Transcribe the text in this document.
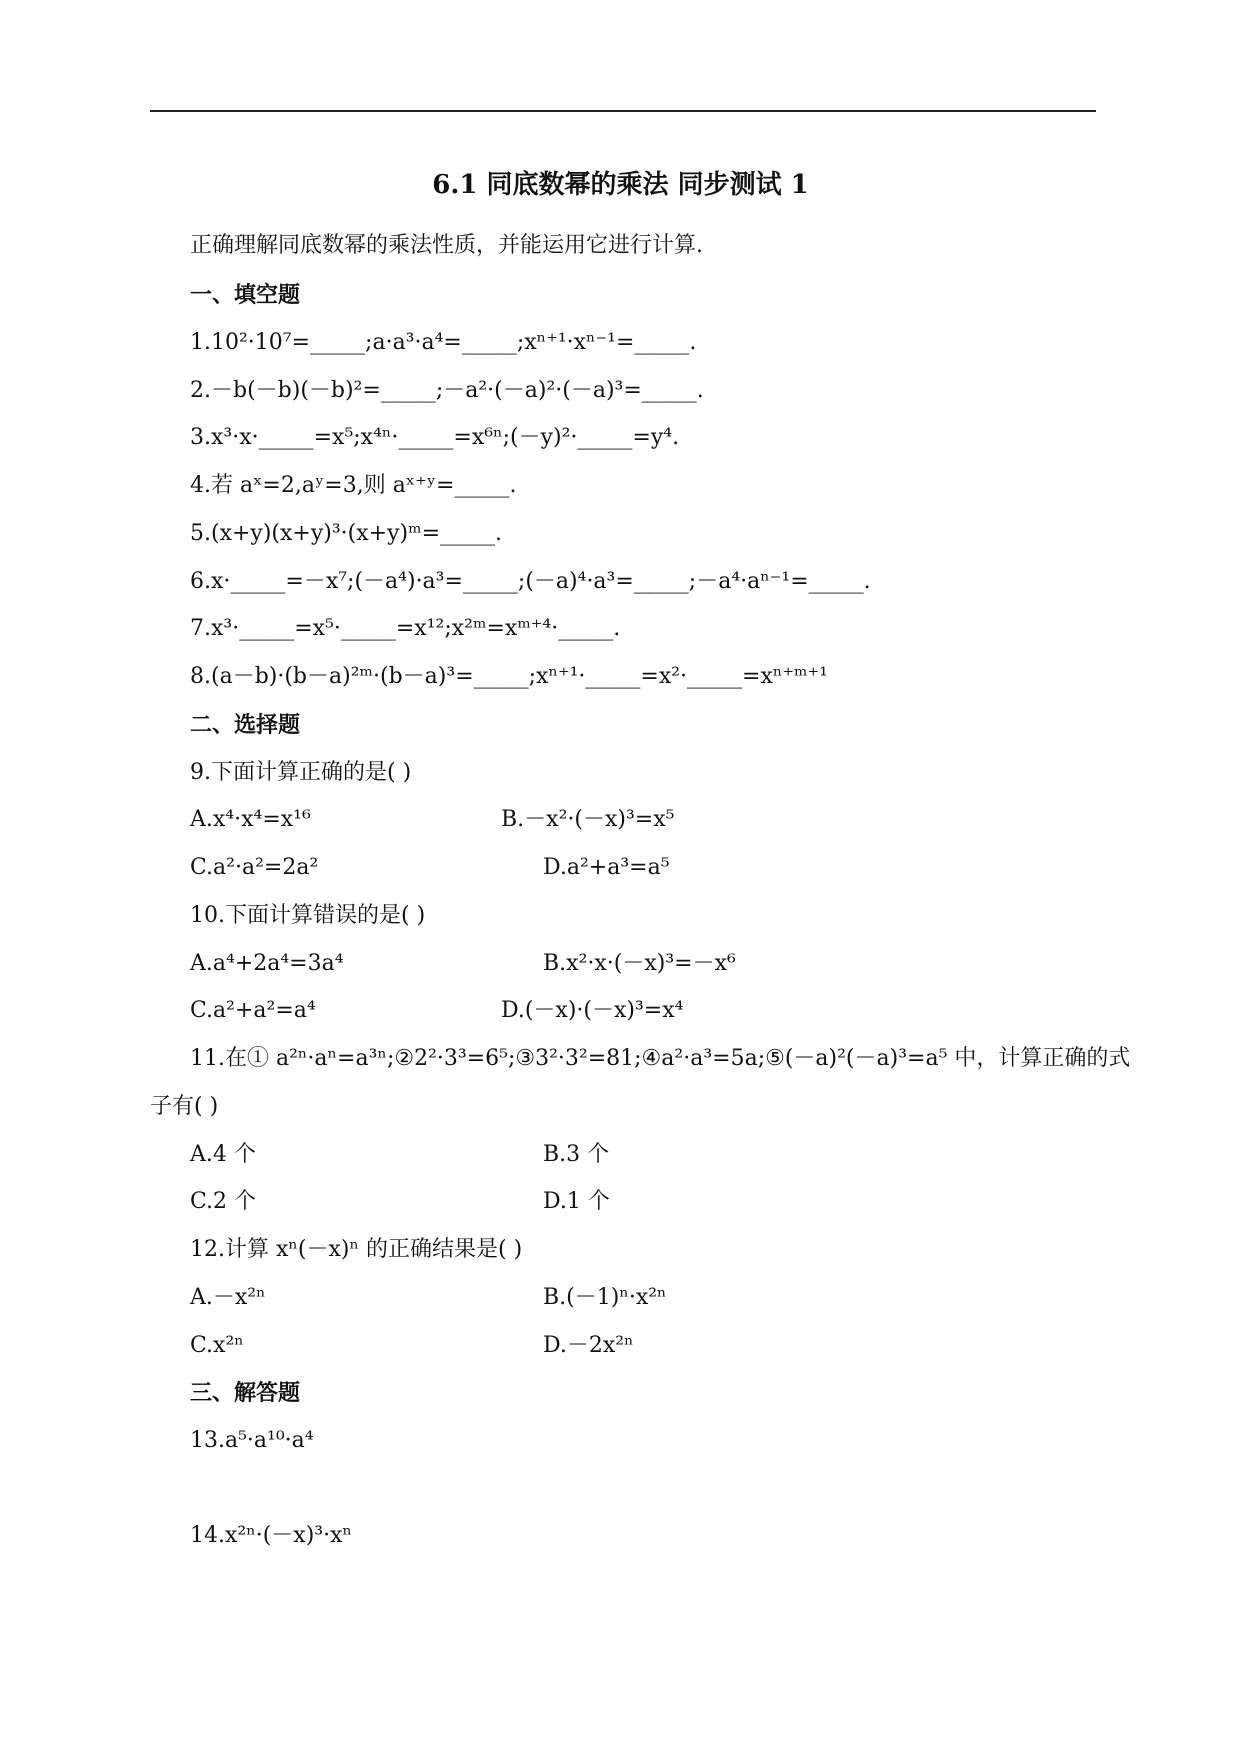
6.1 同底数幂的乘法 同步测试 1
正确理解同底数幂的乘法性质，并能运用它进行计算.
一、填空题
1.10²·10⁷=_____;a·a³·a⁴=_____;xⁿ⁺¹·xⁿ⁻¹=_____.
2.－b(－b)(－b)²=_____;－a²·(－a)²·(－a)³=_____.
3.x³·x·_____=x⁵;x⁴ⁿ·_____=x⁶ⁿ;(－y)²·_____=y⁴.
4.若 aˣ=2,aʸ=3,则 aˣ⁺ʸ=_____.
5.(x+y)(x+y)³·(x+y)ᵐ=_____.
6.x·_____=－x⁷;(－a⁴)·a³=_____;(－a)⁴·a³=_____;－a⁴·aⁿ⁻¹=_____.
7.x³·_____=x⁵·_____=x¹²;x²ᵐ=xᵐ⁺⁴·_____.
8.(a－b)·(b－a)²ᵐ·(b－a)³=_____;xⁿ⁺¹·_____=x²·_____=xⁿ⁺ᵐ⁺¹
二、选择题
9.下面计算正确的是( )
A.x⁴·x⁴=x¹⁶	B.－x²·(－x)³=x⁵
C.a²·a²=2a²	D.a²+a³=a⁵
10.下面计算错误的是( )
A.a⁴+2a⁴=3a⁴	B.x²·x·(－x)³=－x⁶
C.a²+a²=a⁴	D.(－x)·(－x)³=x⁴
11.在① a²ⁿ·aⁿ=a³ⁿ;②2²·3³=6⁵;③3²·3²=81;④a²·a³=5a;⑤(－a)²(－a)³=a⁵ 中，计算正确的式
子有( )
A.4 个	B.3 个
C.2 个	D.1 个
12.计算 xⁿ(－x)ⁿ 的正确结果是( )
A.－x²ⁿ	B.(－1)ⁿ·x²ⁿ
C.x²ⁿ	D.－2x²ⁿ
三、解答题
13.a⁵·a¹⁰·a⁴
14.x²ⁿ·(－x)³·xⁿ
